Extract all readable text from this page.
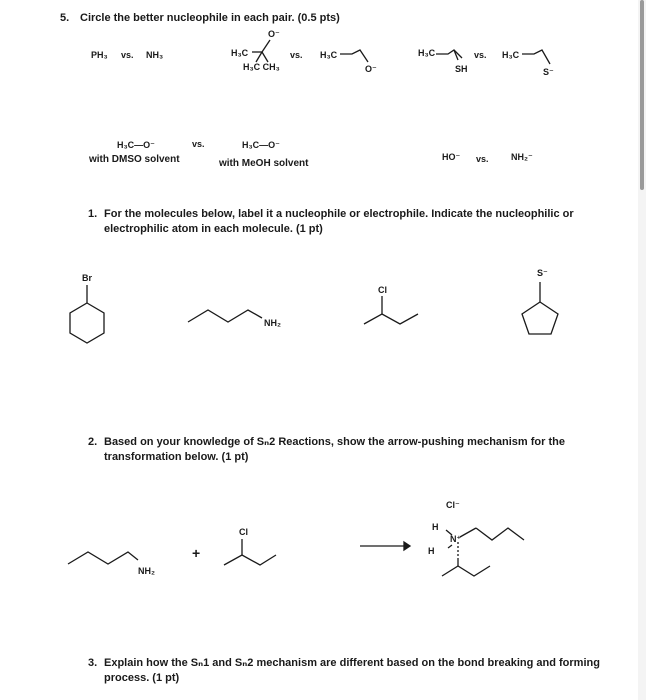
5. Circle the better nucleophile in each pair. (0.5 pts)
PH₃ vs. NH₃
O⁻
H₃C
H₃C CH₃
vs. H₃C
O⁻
H₃C
SH
vs. H₃C
S⁻
H₃C—O⁻	vs.	H₃C—O⁻
with DMSO solvent	with MeOH solvent
HO⁻ vs. NH₂⁻
1. For the molecules below, label it a nucleophile or electrophile. Indicate the nucleophilic or
electrophilic atom in each molecule. (1 pt)
Br
NH₂
Cl
S⁻
2. Based on your knowledge of Sₙ2 Reactions, show the arrow-pushing mechanism for the
transformation below. (1 pt)
NH₂
+
Cl
Cl⁻
H
N⁺
H
3. Explain how the Sₙ1 and Sₙ2 mechanism are different based on the bond breaking and forming
process. (1 pt)
